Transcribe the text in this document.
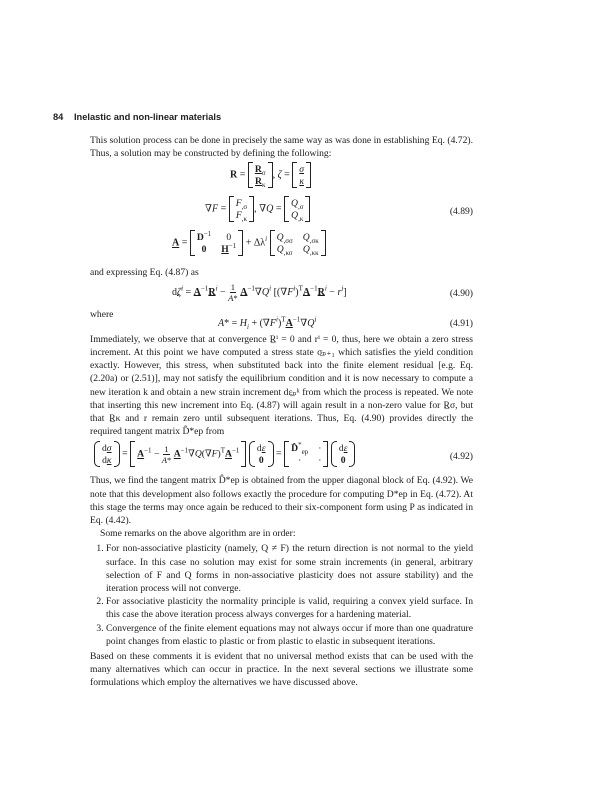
84 Inelastic and non-linear materials

This solution process can be done in precisely the same way as was done in establishing Eq. (4.72). Thus, a solution may be constructed by defining the following:

R =
$R_\sigma$
$R_\kappa$
, ζ =
σ
κ
∇F =
$F_{,\sigma}$
$F_{,\kappa}$
, ∇Q =
$Q_{,\sigma}$
$Q_{,\kappa}$
(4.89)
A =
$D^{-1}$	0
0	$H^{-1} + \Delta\lambda^i$ $Q_{,\sigma\sigma}$ $Q_{,\sigma\kappa}$
$Q_{,\kappa\sigma}$ $Q_{,\kappa\kappa}$

and expressing Eq. (4.87) as

$d\zeta^i = A^{-1}R^i - \frac{1}{A*} A^{-1}\nabla Q^i$ $[(\nabla F^i)^TA^{-1}R^i - r^i]$	(4.90)

where

$A* = H_i + (\nabla F^i)^TA^{-1}\nabla Q^i$	(4.91)

Immediately, we observe that at convergence R̲ⁱ = 0 and rⁱ = 0, thus, here we obtain a zero stress increment. At this point we have computed a stress state σ̲ₙ₊₁ which satisfies the yield condition exactly. However, this stress, when substituted back into the finite element residual [e.g. Eq. (2.20a) or (2.51)], may not satisfy the equilibrium condition and it is now necessary to compute a new iteration k and obtain a new strain increment dε̲ₙᵏ from which the process is repeated. We note that inserting this new increment into Eq. (4.87) will again result in a non-zero value for R̲σ, but that R̲κ and r remain zero until subsequent iterations. Thus, Eq. (4.90) provides directly the required tangent matrix D̂*ep from

dσ
dκ
= $A^{-1} - \frac{1}{A*} A^{-1}\nabla Q(\nabla F)^TA^{-1}$
dε
0
=
$D̂^*_{ep}$ ·
·	·

dε
0	(4.92)

Thus, we find the tangent matrix D̂*ep is obtained from the upper diagonal block of Eq. (4.92). We note that this development also follows exactly the procedure for computing D*ep in Eq. (4.72). At this stage the terms may once again be reduced to their six-component form using P as indicated in Eq. (4.42).

Some remarks on the above algorithm are in order:

1. For non-associative plasticity (namely, Q ≠ F) the return direction is not normal to the yield surface. In this case no solution may exist for some strain increments (in general, arbitrary selection of F and Q forms in non-associative plasticity does not assure stability) and the iteration process will not converge.
2. For associative plasticity the normality principle is valid, requiring a convex yield surface. In this case the above iteration process always converges for a hardening material.
3. Convergence of the finite element equations may not always occur if more than one quadrature point changes from elastic to plastic or from plastic to elastic in subsequent iterations.

Based on these comments it is evident that no universal method exists that can be used with the many alternatives which can occur in practice. In the next several sections we illustrate some formulations which employ the alternatives we have discussed above.
